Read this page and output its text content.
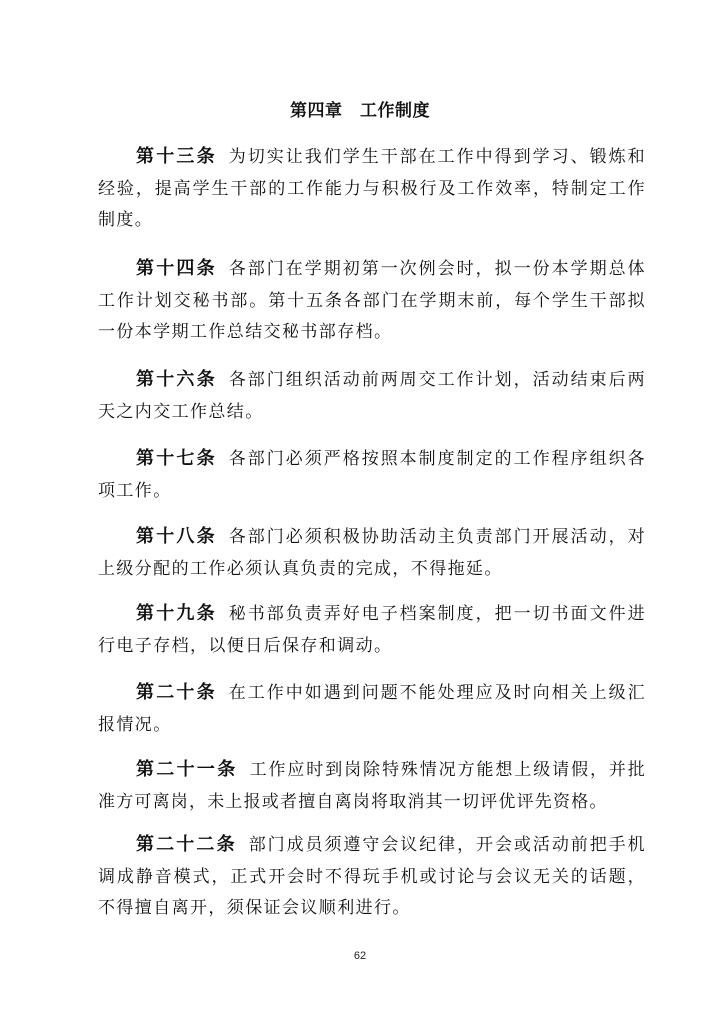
第四章　工作制度
第十三条 为切实让我们学生干部在工作中得到学习、锻炼和经验，提高学生干部的工作能力与积极行及工作效率，特制定工作制度。
第十四条 各部门在学期初第一次例会时，拟一份本学期总体工作计划交秘书部。第十五条各部门在学期末前，每个学生干部拟一份本学期工作总结交秘书部存档。
第十六条 各部门组织活动前两周交工作计划，活动结束后两天之内交工作总结。
第十七条 各部门必须严格按照本制度制定的工作程序组织各项工作。
第十八条 各部门必须积极协助活动主负责部门开展活动，对上级分配的工作必须认真负责的完成，不得拖延。
第十九条 秘书部负责弄好电子档案制度，把一切书面文件进行电子存档，以便日后保存和调动。
第二十条 在工作中如遇到问题不能处理应及时向相关上级汇报情况。
第二十一条 工作应时到岗除特殊情况方能想上级请假，并批准方可离岗，未上报或者擅自离岗将取消其一切评优评先资格。
第二十二条 部门成员须遵守会议纪律，开会或活动前把手机调成静音模式，正式开会时不得玩手机或讨论与会议无关的话题，不得擅自离开，须保证会议顺利进行。
62
